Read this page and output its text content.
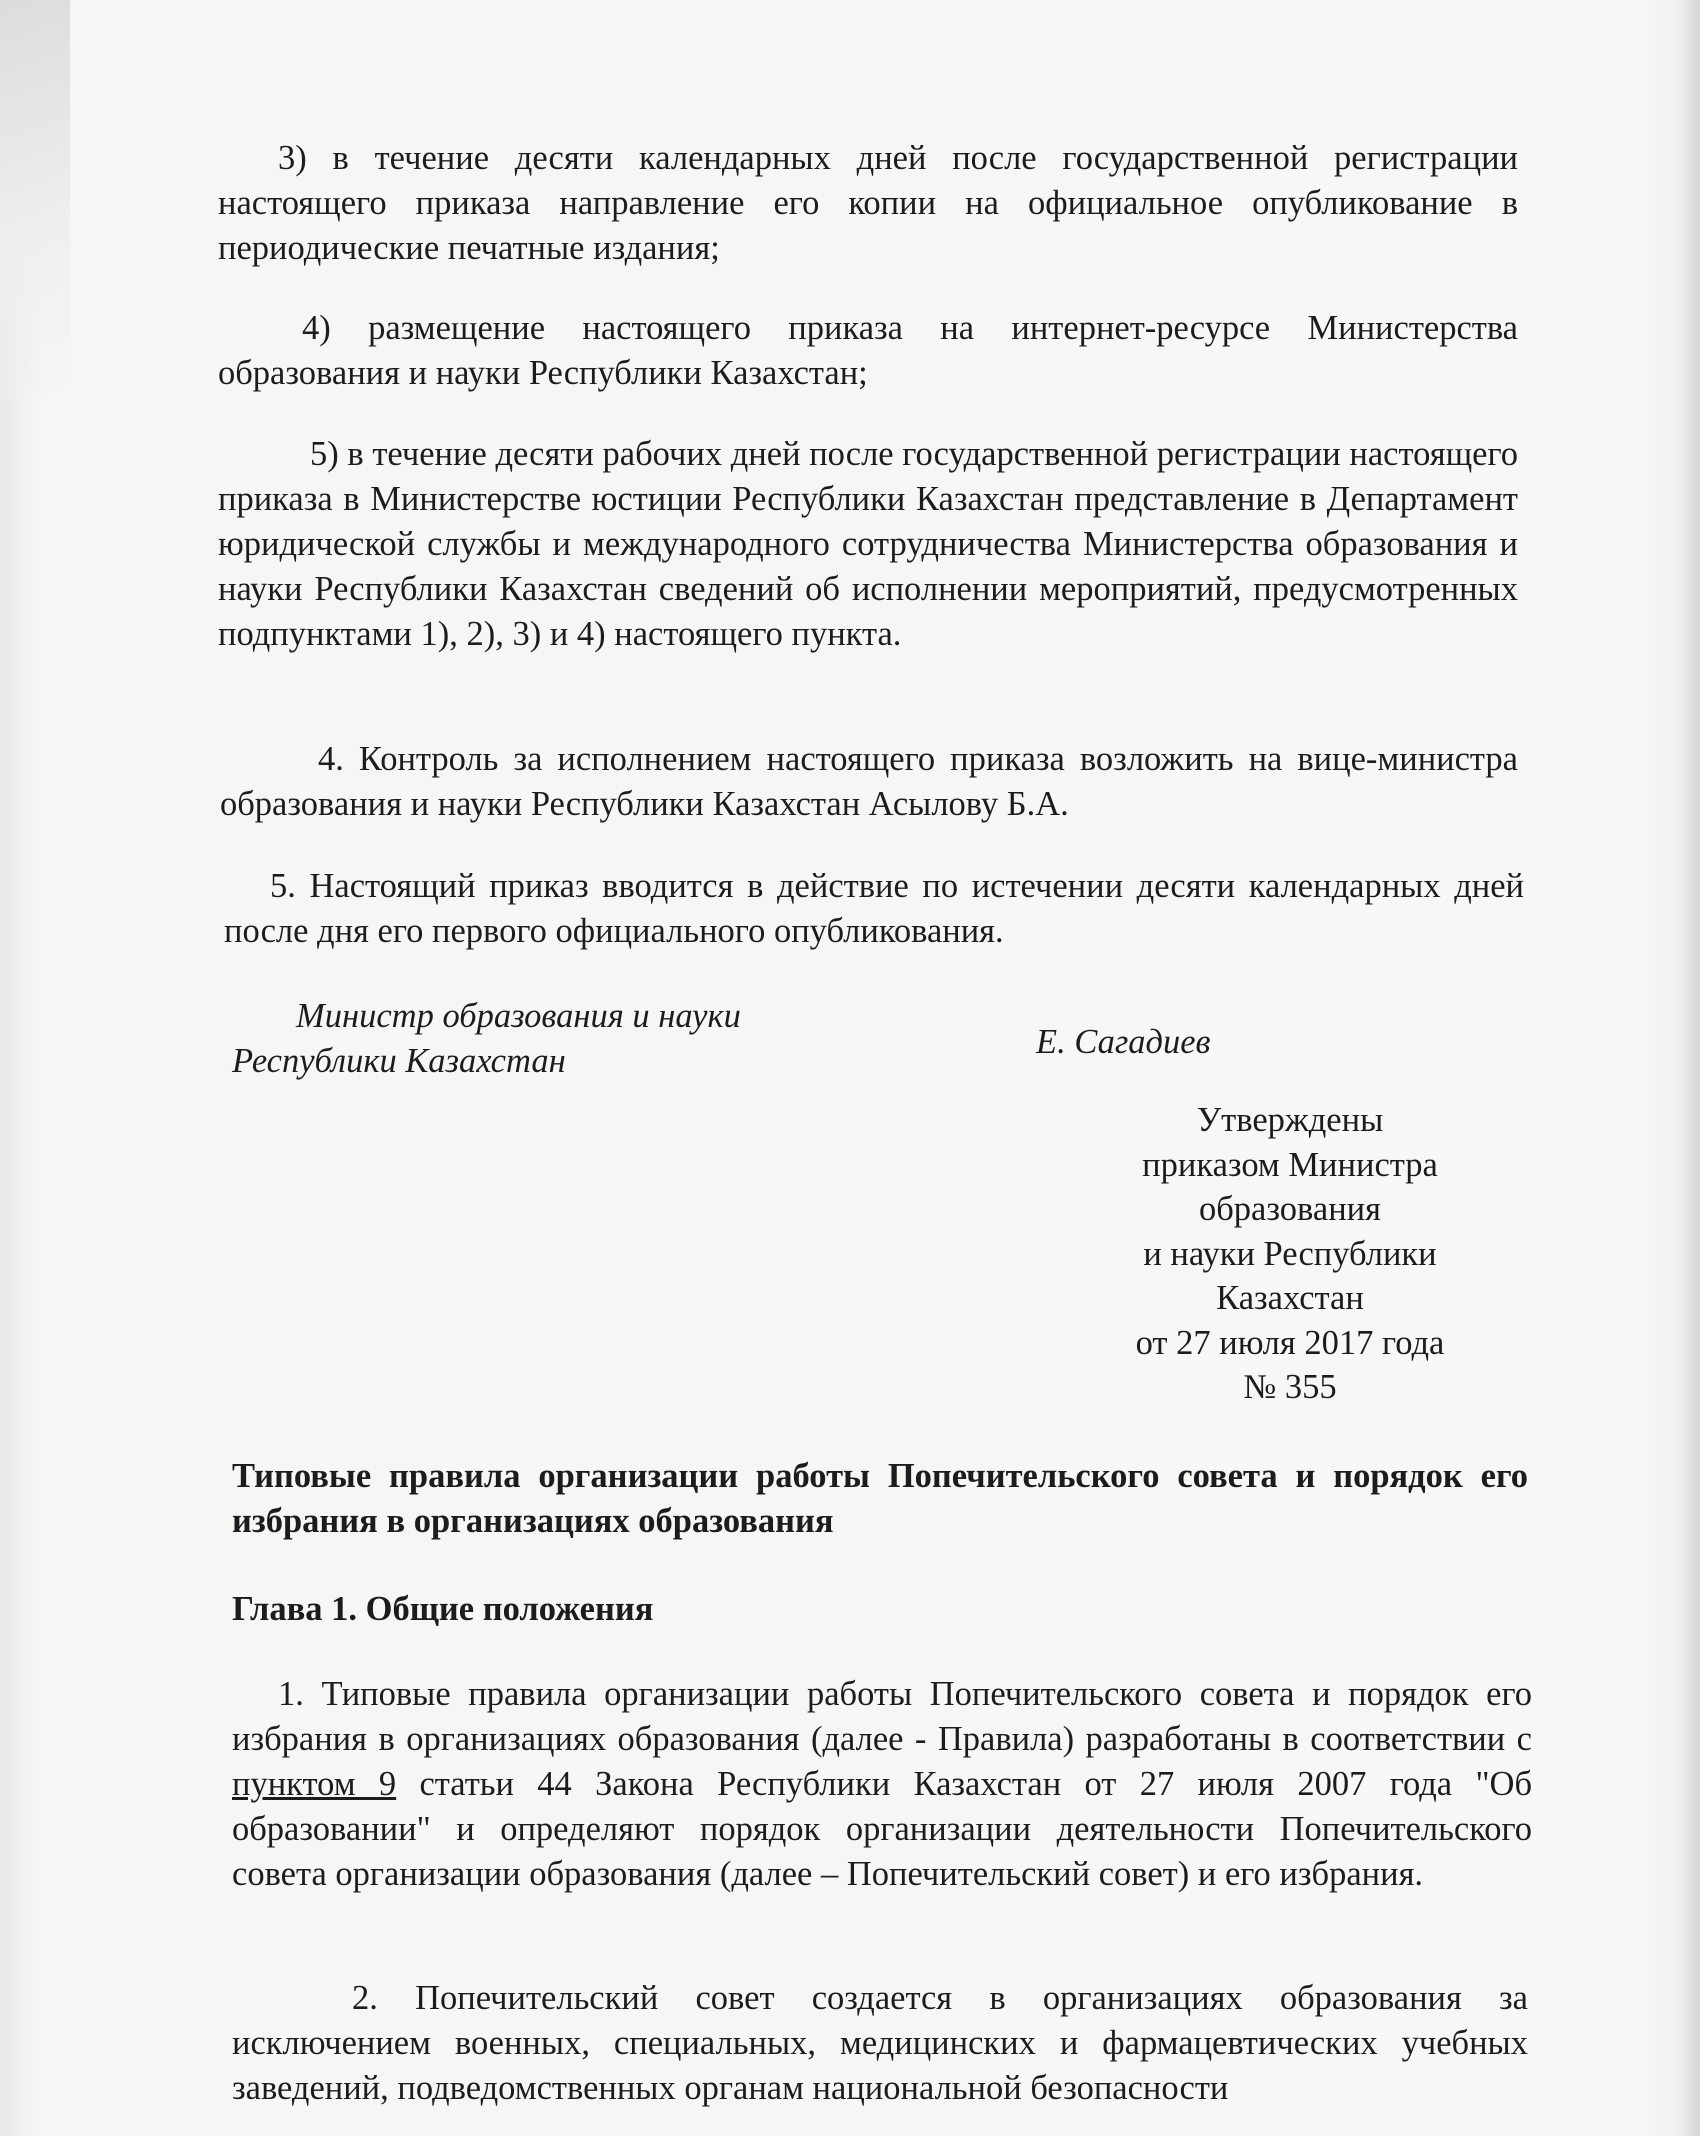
3) в течение десяти календарных дней после государственной регистрации настоящего приказа направление его копии на официальное опубликование в периодические печатные издания;

4) размещение настоящего приказа на интернет-ресурсе Министерства образования и науки Республики Казахстан;

5) в течение десяти рабочих дней после государственной регистрации настоящего приказа в Министерстве юстиции Республики Казахстан представление в Департамент юридической службы и международного сотрудничества Министерства образования и науки Республики Казахстан сведений об исполнении мероприятий, предусмотренных подпунктами 1), 2), 3) и 4) настоящего пункта.

4. Контроль за исполнением настоящего приказа возложить на вице-министра образования и науки Республики Казахстан Асылову Б.А.

5. Настоящий приказ вводится в действие по истечении десяти календарных дней после дня его первого официального опубликования.

Министр образования и науки
Республики Казахстан	Е. Сагадиев
Утверждены
приказом Министра
образования
и науки Республики
Казахстан
от 27 июля 2017 года
№ 355

Типовые правила организации работы Попечительского совета и порядок его избрания в организациях образования

Глава 1. Общие положения

1. Типовые правила организации работы Попечительского совета и порядок его избрания в организациях образования (далее - Правила) разработаны в соответствии с пунктом 9 статьи 44 Закона Республики Казахстан от 27 июля 2007 года "Об образовании" и определяют порядок организации деятельности Попечительского совета организации образования (далее – Попечительский совет) и его избрания.

2. Попечительский совет создается в организациях образования за исключением военных, специальных, медицинских и фармацевтических учебных заведений, подведомственных органам национальной безопасности
